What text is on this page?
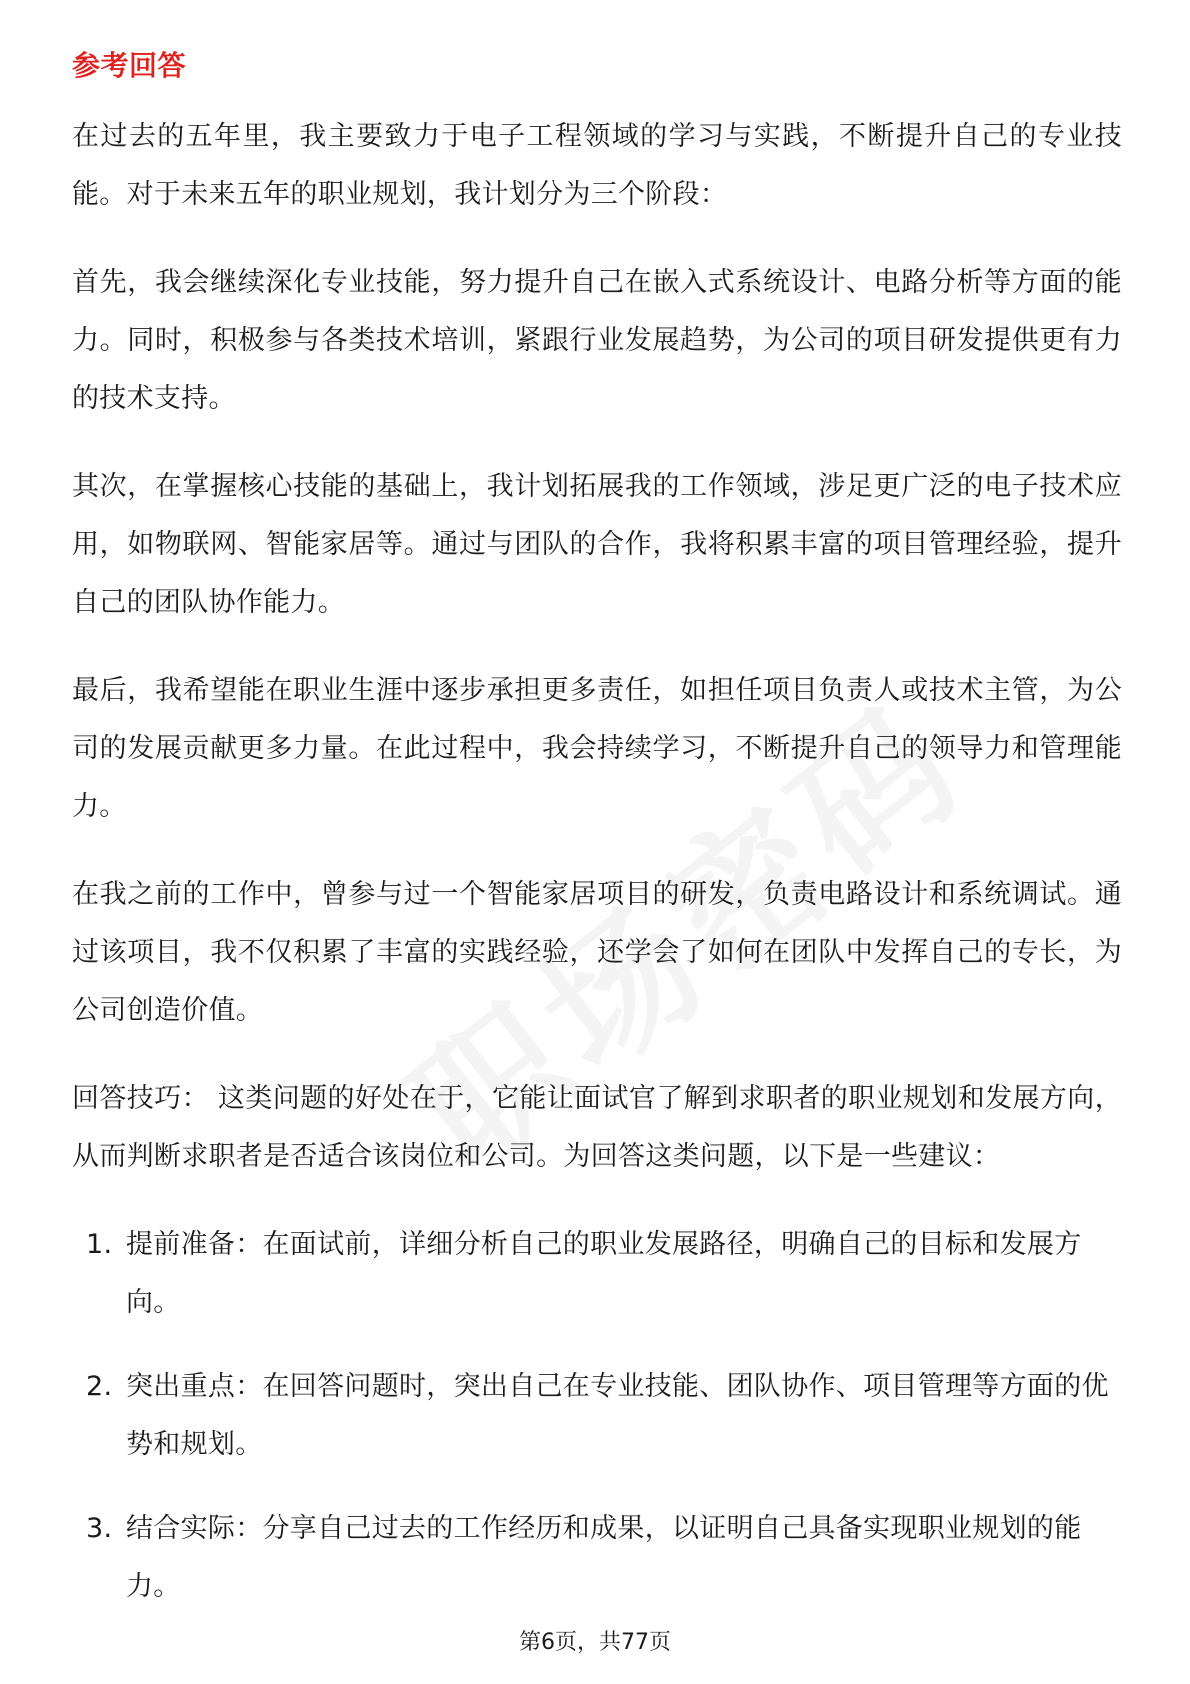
参考回答

在过去的五年里，我主要致力于电子工程领域的学习与实践，不断提升自己的专业技能。对于未来五年的职业规划，我计划分为三个阶段：

首先，我会继续深化专业技能，努力提升自己在嵌入式系统设计、电路分析等方面的能力。同时，积极参与各类技术培训，紧跟行业发展趋势，为公司的项目研发提供更有力的技术支持。

其次，在掌握核心技能的基础上，我计划拓展我的工作领域，涉足更广泛的电子技术应用，如物联网、智能家居等。通过与团队的合作，我将积累丰富的项目管理经验，提升自己的团队协作能力。

最后，我希望能在职业生涯中逐步承担更多责任，如担任项目负责人或技术主管，为公司的发展贡献更多力量。在此过程中，我会持续学习，不断提升自己的领导力和管理能力。

在我之前的工作中，曾参与过一个智能家居项目的研发，负责电路设计和系统调试。通过该项目，我不仅积累了丰富的实践经验，还学会了如何在团队中发挥自己的专长，为公司创造价值。

回答技巧： 这类问题的好处在于，它能让面试官了解到求职者的职业规划和发展方向，从而判断求职者是否适合该岗位和公司。为回答这类问题，以下是一些建议：

1. 提前准备：在面试前，详细分析自己的职业发展路径，明确自己的目标和发展方向。
2. 突出重点：在回答问题时，突出自己在专业技能、团队协作、项目管理等方面的优势和规划。
3. 结合实际：分享自己过去的工作经历和成果，以证明自己具备实现职业规划的能力。
第6页，共77页
